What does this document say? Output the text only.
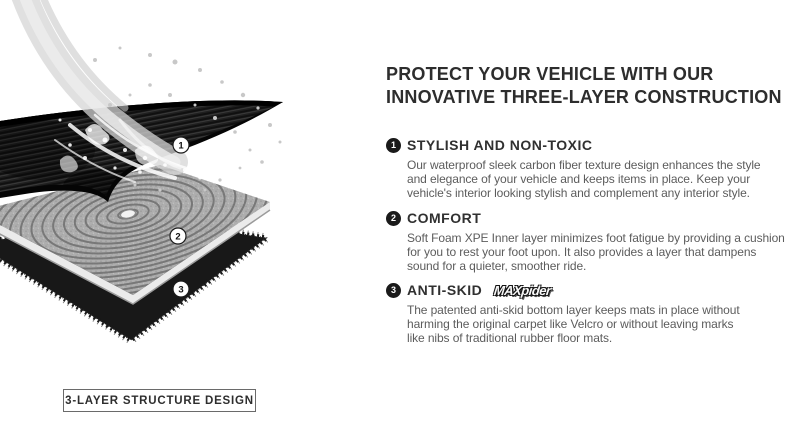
1
2
3
3-LAYER STRUCTURE DESIGN
PROTECT YOUR VEHICLE WITH OUR
INNOVATIVE THREE-LAYER CONSTRUCTION
1 STYLISH AND NON-TOXIC
Our waterproof sleek carbon fiber texture design enhances the style
and elegance of your vehicle and keeps items in place. Keep your
vehicle's interior looking stylish and complement any interior style.
2 COMFORT
Soft Foam XPE Inner layer minimizes foot fatigue by providing a cushion
for you to rest your foot upon. It also provides a layer that dampens
sound for a quieter, smoother ride.
3 ANTI-SKID MAXpider
The patented anti-skid bottom layer keeps mats in place without
harming the original carpet like Velcro or without leaving marks
like nibs of traditional rubber floor mats.
